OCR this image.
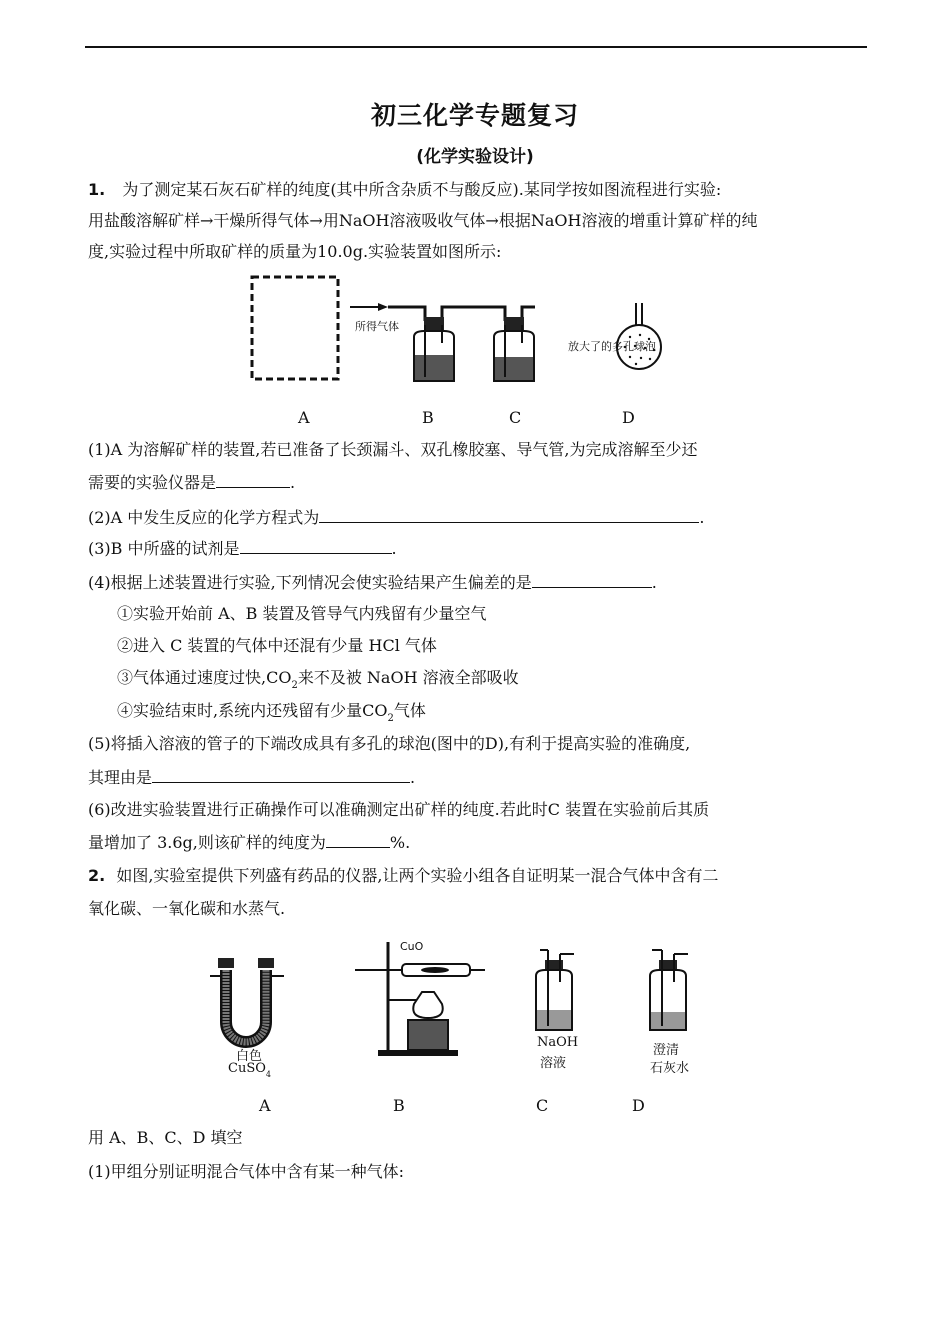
初三化学专题复习
(化学实验设计)
1. 为了测定某石灰石矿样的纯度(其中所含杂质不与酸反应).某同学按如图流程进行实验:
用盐酸溶解矿样→干燥所得气体→用NaOH溶液吸收气体→根据NaOH溶液的增重计算矿样的纯
度,实验过程中所取矿样的质量为10.0g.实验装置如图所示:
所得气体
放大了的多孔球泡
A	B	C	D
(1)A 为溶解矿样的装置,若已准备了长颈漏斗、双孔橡胶塞、导气管,为完成溶解至少还
需要的实验仪器是	.
(2)A 中发生反应的化学方程式为	.
(3)B 中所盛的试剂是	.
(4)根据上述装置进行实验,下列情况会使实验结果产生偏差的是	.
①实验开始前 A、B 装置及管导气内残留有少量空气
②进入 C 装置的气体中还混有少量 HCl 气体
③气体通过速度过快$,CO_2$来不及被 NaOH 溶液全部吸收
④实验结束时,系统内还残留有少量$CO_2$气体
(5)将插入溶液的管子的下端改成具有多孔的球泡(图中的D),有利于提高实验的准确度,
其理由是	.
(6)改进实验装置进行正确操作可以准确测定出矿样的纯度.若此时C 装置在实验前后其质
量增加了 3.6g,则该矿样的纯度为	%.
2. 如图,实验室提供下列盛有药品的仪器,让两个实验小组各自证明某一混合气体中含有二
氧化碳、一氧化碳和水蒸气.
白色
CuSO$_4$
CuO
NaOH
溶液
澄清
石灰水
A	B	C	D
用 A、B、C、D 填空
(1)甲组分别证明混合气体中含有某一种气体:
